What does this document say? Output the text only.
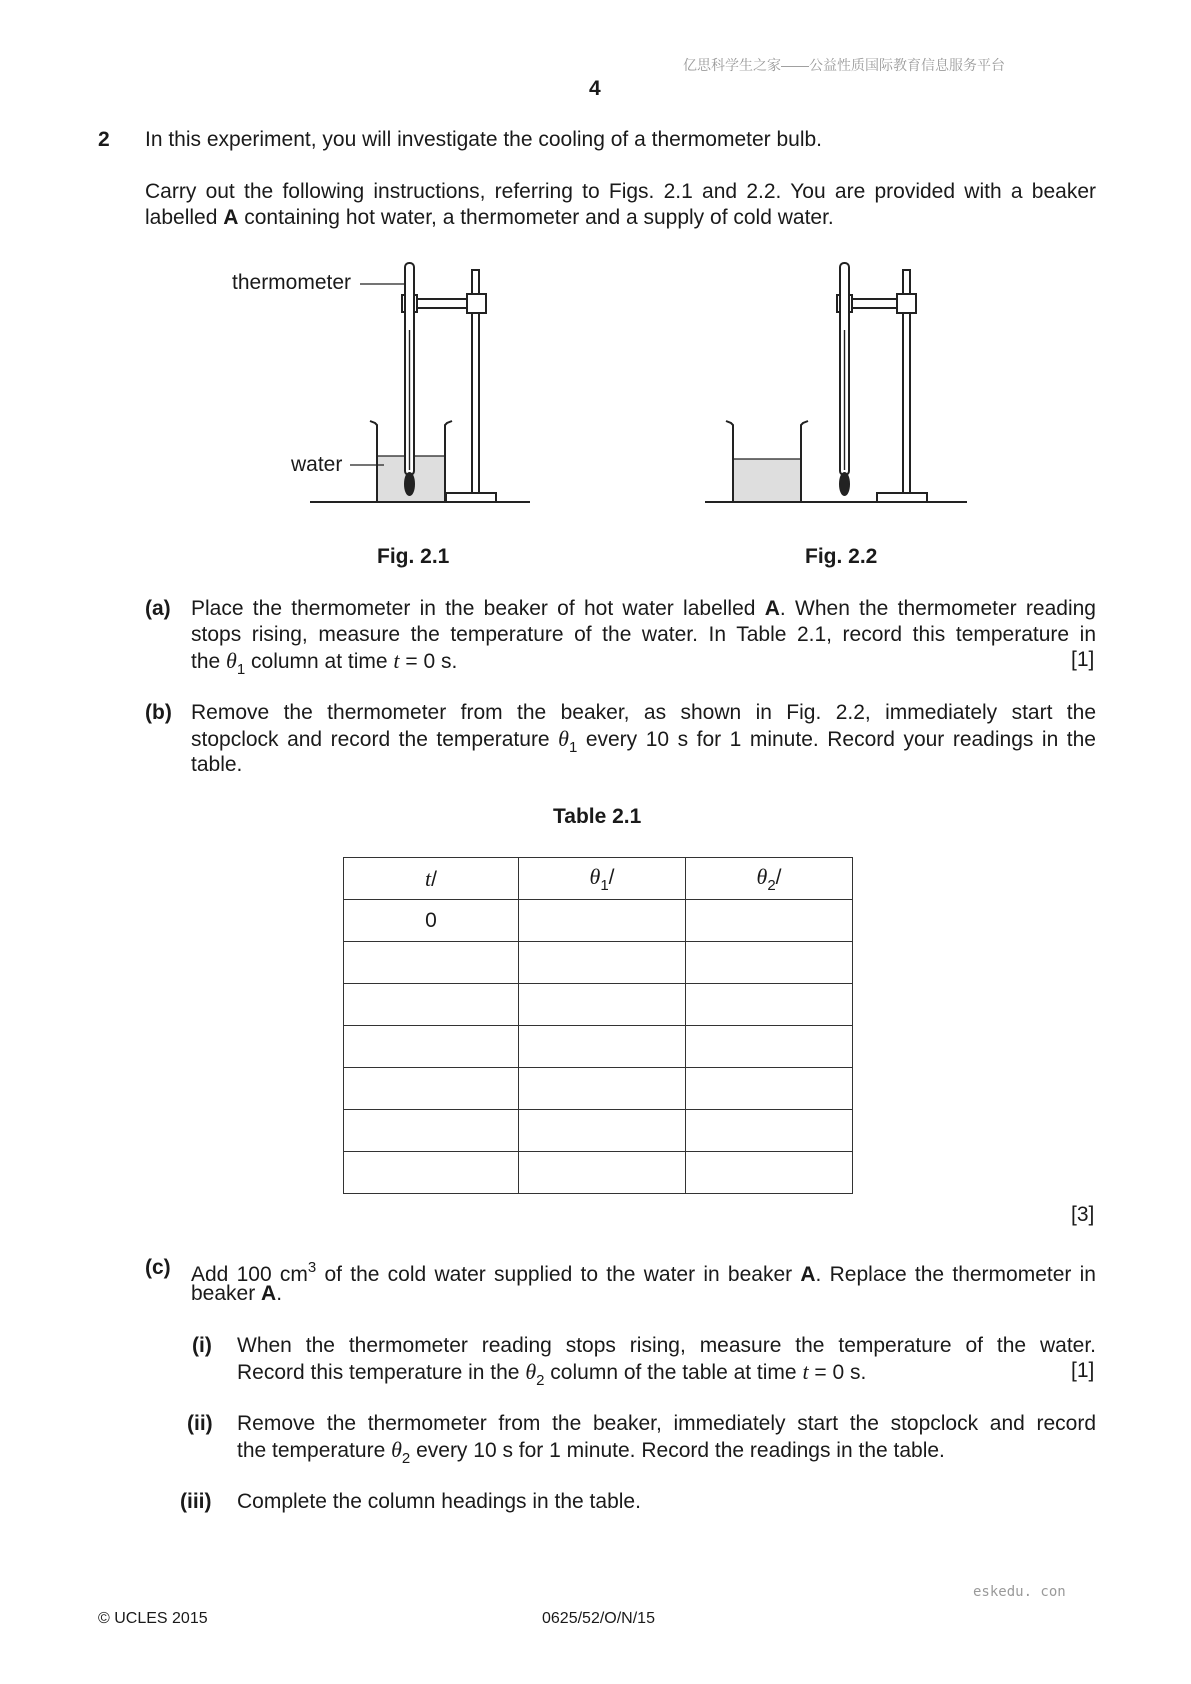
亿思科学生之家——公益性质国际教育信息服务平台
4
2 In this experiment, you will investigate the cooling of a thermometer bulb.
Carry out the following instructions, referring to Figs. 2.1 and 2.2. You are provided with a beaker
labelled A containing hot water, a thermometer and a supply of cold water.
thermometer
water
Fig. 2.1	Fig. 2.2
(a) Place the thermometer in the beaker of hot water labelled A. When the thermometer reading
stops rising, measure the temperature of the water. In Table 2.1, record this temperature in
the $\theta_1$ column at time t = 0 s.	[1]
(b) Remove the thermometer from the beaker, as shown in Fig. 2.2, immediately start the
stopclock and record the temperature $\theta_1$ every 10 s for 1 minute. Record your readings in the
table.
Table 2.1
t/	$\theta_1/$	$\theta_2/$
0		

[3]
(c) Add 100 $cm^3$ of the cold water supplied to the water in beaker A. Replace the thermometer in
beaker A.
(i) When the thermometer reading stops rising, measure the temperature of the water.
Record this temperature in the $\theta_2$ column of the table at time t = 0 s.	[1]
(ii) Remove the thermometer from the beaker, immediately start the stopclock and record
the temperature $\theta_2$ every 10 s for 1 minute. Record the readings in the table.
(iii) Complete the column headings in the table.
eskedu. con
© UCLES 2015	0625/52/O/N/15
